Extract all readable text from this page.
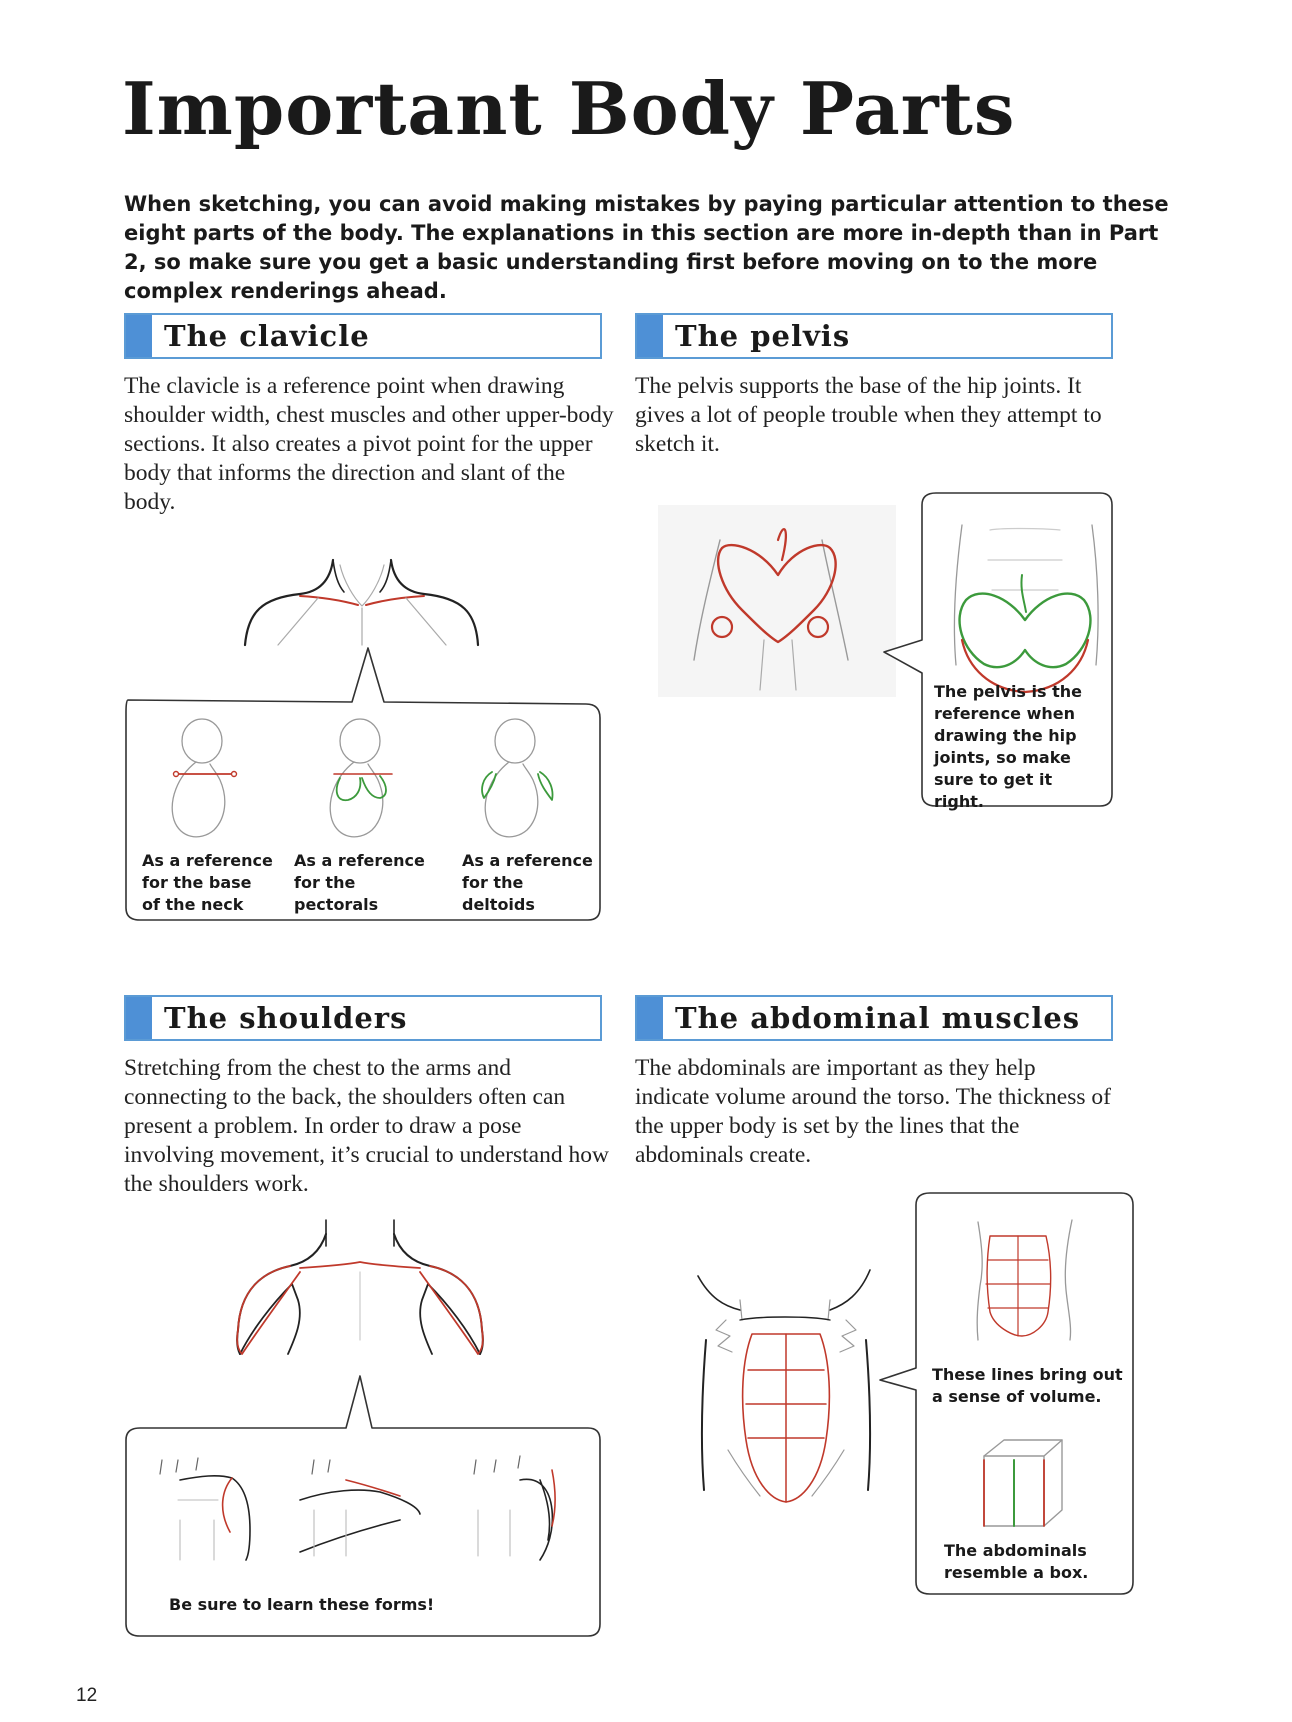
Important Body Parts
When sketching, you can avoid making mistakes by paying particular attention to these eight parts of the body. The explanations in this section are more in-depth than in Part 2, so make sure you get a basic understanding first before moving on to the more complex renderings ahead.
The clavicle
The clavicle is a reference point when drawing shoulder width, chest muscles and other upper-body sections. It also creates a pivot point for the upper body that informs the direction and slant of the body.
The pelvis
The pelvis supports the base of the hip joints. It gives a lot of people trouble when they attempt to sketch it.
The shoulders
Stretching from the chest to the arms and connecting to the back, the shoulders often can present a problem. In order to draw a pose involving movement, it’s crucial to understand how the shoulders work.
The abdominal muscles
The abdominals are important as they help indicate volume around the torso. The thickness of the upper body is set by the lines that the abdominals create.
As a reference for the base of the neck
As a reference for the pectorals
As a reference for the deltoids
The pelvis is the reference when drawing the hip joints, so make sure to get it right.
Be sure to learn these forms!
These lines bring out a sense of volume.
The abdominals resemble a box.
12
